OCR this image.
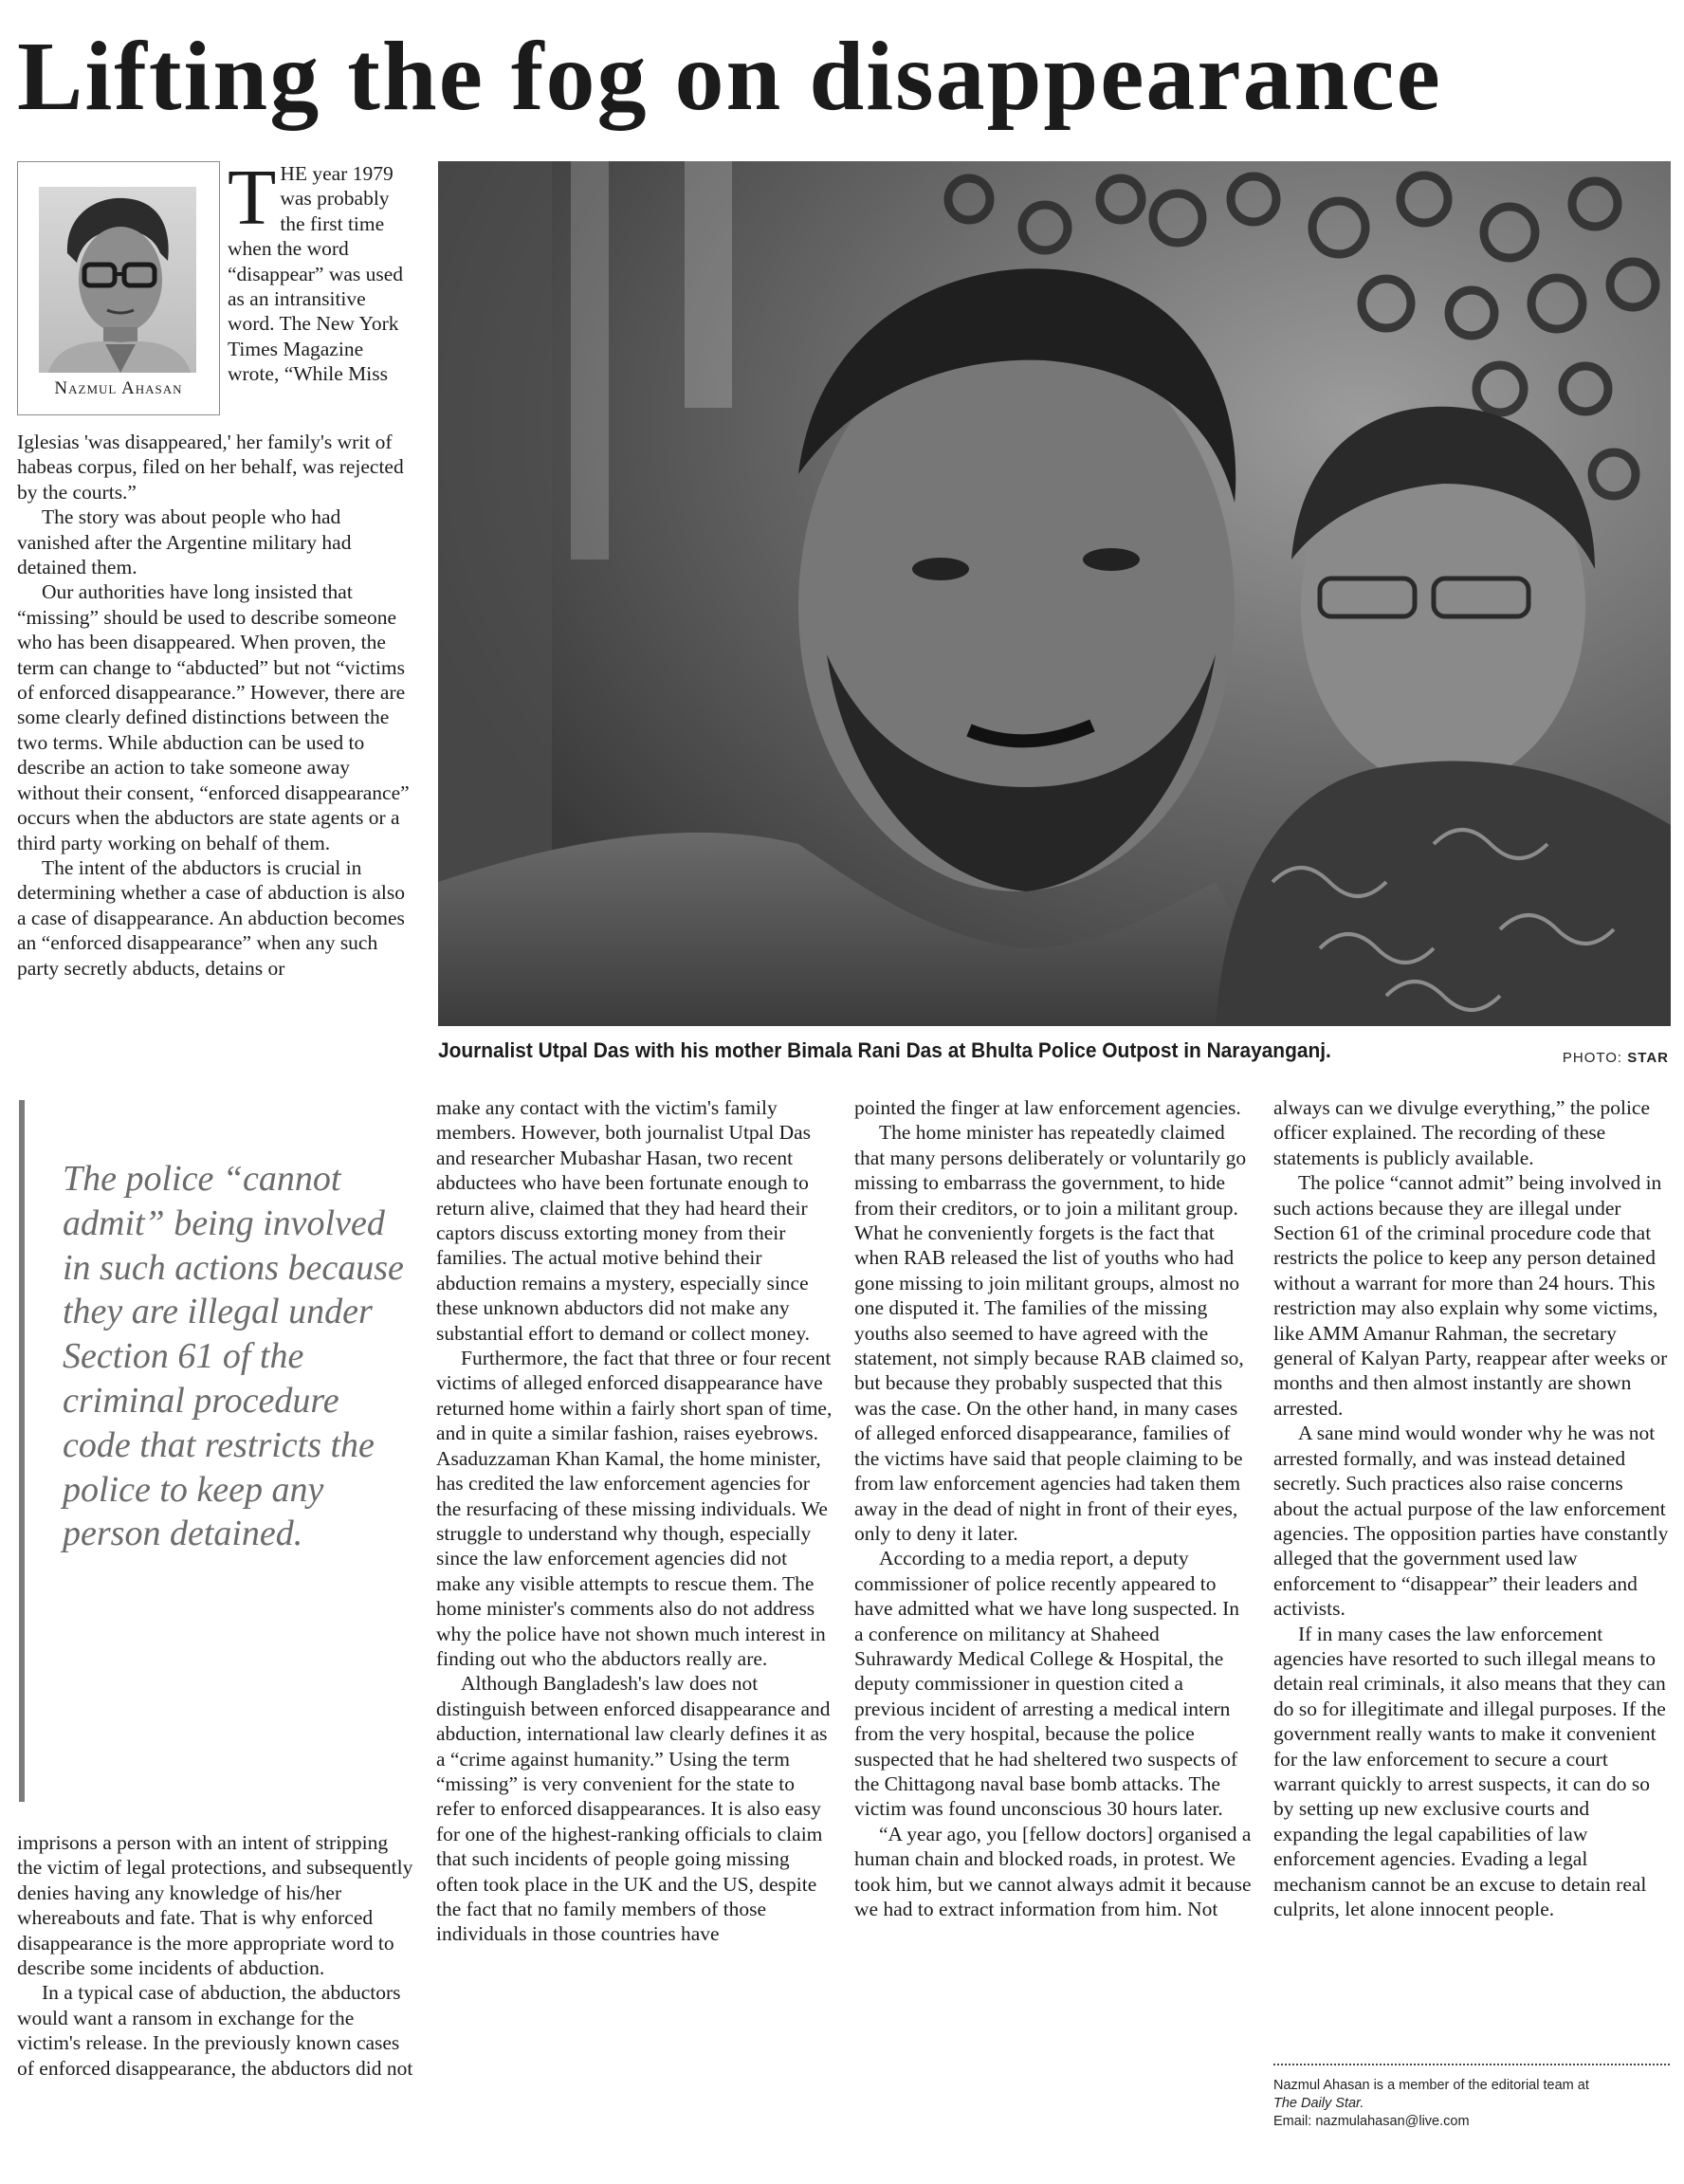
Lifting the fog on disappearance
Nazmul Ahasan
THE year 1979 was probably the first time when the word “disappear” was used as an intransitive word. The New York Times Magazine wrote, “While Miss

Iglesias 'was disappeared,' her family's writ of habeas corpus, filed on her behalf, was rejected by the courts.”

The story was about people who had vanished after the Argentine military had detained them.

Our authorities have long insisted that “missing” should be used to describe someone who has been disappeared. When proven, the term can change to “abducted” but not “victims of enforced disappearance.” However, there are some clearly defined distinctions between the two terms. While abduction can be used to describe an action to take someone away without their consent, “enforced disappearance” occurs when the abductors are state agents or a third party working on behalf of them.

The intent of the abductors is crucial in determining whether a case of abduction is also a case of disappearance. An abduction becomes an “enforced disappearance” when any such party secretly abducts, detains or

Journalist Utpal Das with his mother Bimala Rani Das at Bhulta Police Outpost in Narayanganj.	PHOTO: STAR
The police “cannot admit” being involved in such actions because they are illegal under Section 61 of the criminal procedure code that restricts the police to keep any person detained.

imprisons a person with an intent of stripping the victim of legal protections, and subsequently denies having any knowledge of his/her whereabouts and fate. That is why enforced disappearance is the more appropriate word to describe some incidents of abduction.

In a typical case of abduction, the abductors would want a ransom in exchange for the victim's release. In the previously known cases of enforced disappearance, the abductors did not

make any contact with the victim's family members. However, both journalist Utpal Das and researcher Mubashar Hasan, two recent abductees who have been fortunate enough to return alive, claimed that they had heard their captors discuss extorting money from their families. The actual motive behind their abduction remains a mystery, especially since these unknown abductors did not make any substantial effort to demand or collect money.

Furthermore, the fact that three or four recent victims of alleged enforced disappearance have returned home within a fairly short span of time, and in quite a similar fashion, raises eyebrows. Asaduzzaman Khan Kamal, the home minister, has credited the law enforcement agencies for the resurfacing of these missing individuals. We struggle to understand why though, especially since the law enforcement agencies did not make any visible attempts to rescue them. The home minister's comments also do not address why the police have not shown much interest in finding out who the abductors really are.

Although Bangladesh's law does not distinguish between enforced disappearance and abduction, international law clearly defines it as a “crime against humanity.” Using the term “missing” is very convenient for the state to refer to enforced disappearances. It is also easy for one of the highest-ranking officials to claim that such incidents of people going missing often took place in the UK and the US, despite the fact that no family members of those individuals in those countries have

pointed the finger at law enforcement agencies.

The home minister has repeatedly claimed that many persons deliberately or voluntarily go missing to embarrass the government, to hide from their creditors, or to join a militant group. What he conveniently forgets is the fact that when RAB released the list of youths who had gone missing to join militant groups, almost no one disputed it. The families of the missing youths also seemed to have agreed with the statement, not simply because RAB claimed so, but because they probably suspected that this was the case. On the other hand, in many cases of alleged enforced disappearance, families of the victims have said that people claiming to be from law enforcement agencies had taken them away in the dead of night in front of their eyes, only to deny it later.

According to a media report, a deputy commissioner of police recently appeared to have admitted what we have long suspected. In a conference on militancy at Shaheed Suhrawardy Medical College & Hospital, the deputy commissioner in question cited a previous incident of arresting a medical intern from the very hospital, because the police suspected that he had sheltered two suspects of the Chittagong naval base bomb attacks. The victim was found unconscious 30 hours later.

“A year ago, you [fellow doctors] organised a human chain and blocked roads, in protest. We took him, but we cannot always admit it because we had to extract information from him. Not

always can we divulge everything,” the police officer explained. The recording of these statements is publicly available.

The police “cannot admit” being involved in such actions because they are illegal under Section 61 of the criminal procedure code that restricts the police to keep any person detained without a warrant for more than 24 hours. This restriction may also explain why some victims, like AMM Amanur Rahman, the secretary general of Kalyan Party, reappear after weeks or months and then almost instantly are shown arrested.

A sane mind would wonder why he was not arrested formally, and was instead detained secretly. Such practices also raise concerns about the actual purpose of the law enforcement agencies. The opposition parties have constantly alleged that the government used law enforcement to “disappear” their leaders and activists.

If in many cases the law enforcement agencies have resorted to such illegal means to detain real criminals, it also means that they can do so for illegitimate and illegal purposes. If the government really wants to make it convenient for the law enforcement to secure a court warrant quickly to arrest suspects, it can do so by setting up new exclusive courts and expanding the legal capabilities of law enforcement agencies. Evading a legal mechanism cannot be an excuse to detain real culprits, let alone innocent people.

Nazmul Ahasan is a member of the editorial team at
The Daily Star.
Email: nazmulahasan@live.com
